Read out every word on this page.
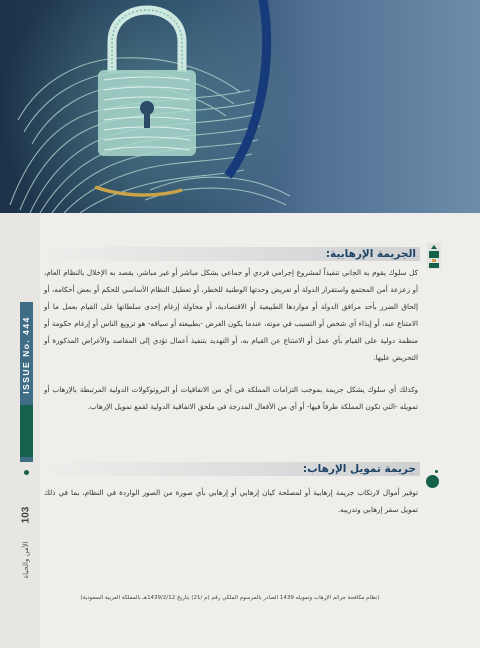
ISSUE No. 444
103
الأمن والحياة
الجريمة الإرهابية:

كل سلوك يقوم به الجاني تنفيذاً لمشروع إجرامي فردي أو جماعي بشكل مباشر أو غير مباشر، يقصد به الإخلال بالنظام العام، أو زعزعة أمن المجتمع واستقرار الدولة أو تعريض وحدتها الوطنية للخطر، أو تعطيل النظام الأساسي للحكم أو بعض أحكامه، أو إلحاق الضرر بأحد مرافق الدولة أو مواردها الطبيعية أو الاقتصادية، أو محاولة إرغام إحدى سلطاتها على القيام بعمل ما أو الامتناع عنه، أو إيذاء أي شخص أو التسبب في موته، عندما يكون الغرض -بطبيعته أو سياقه- هو ترويع الناس أو إرغام حكومة أو منظمة دولية على القيام بأي عمل أو الامتناع عن القيام به، أو التهديد بتنفيذ أعمال تؤدي إلى المقاصد والأغراض المذكورة أو التحريض عليها.

وكذلك أي سلوك يشكل جريمة بموجب التزامات المملكة في أي من الاتفاقيات أو البروتوكولات الدولية المرتبطة بالإرهاب أو تمويله -التي تكون المملكة طرفاً فيها- أو أي من الأفعال المدرجة في ملحق الاتفاقية الدولية لقمع تمويل الإرهاب.

جريمة تمويل الإرهاب:

توفير أموال لارتكاب جريمة إرهابية أو لمصلحة كيان إرهابي أو إرهابي بأي صورة من الصور الواردة في النظام، بما في ذلك تمويل سفر إرهابي وتدريبه.

(نظام مكافحة جرائم الإرهاب وتمويله 1439 الصادر بالمرسوم الملكي رقم (م /21) بتاريخ 1439/2/12هـ بالمملكة العربية السعودية)
